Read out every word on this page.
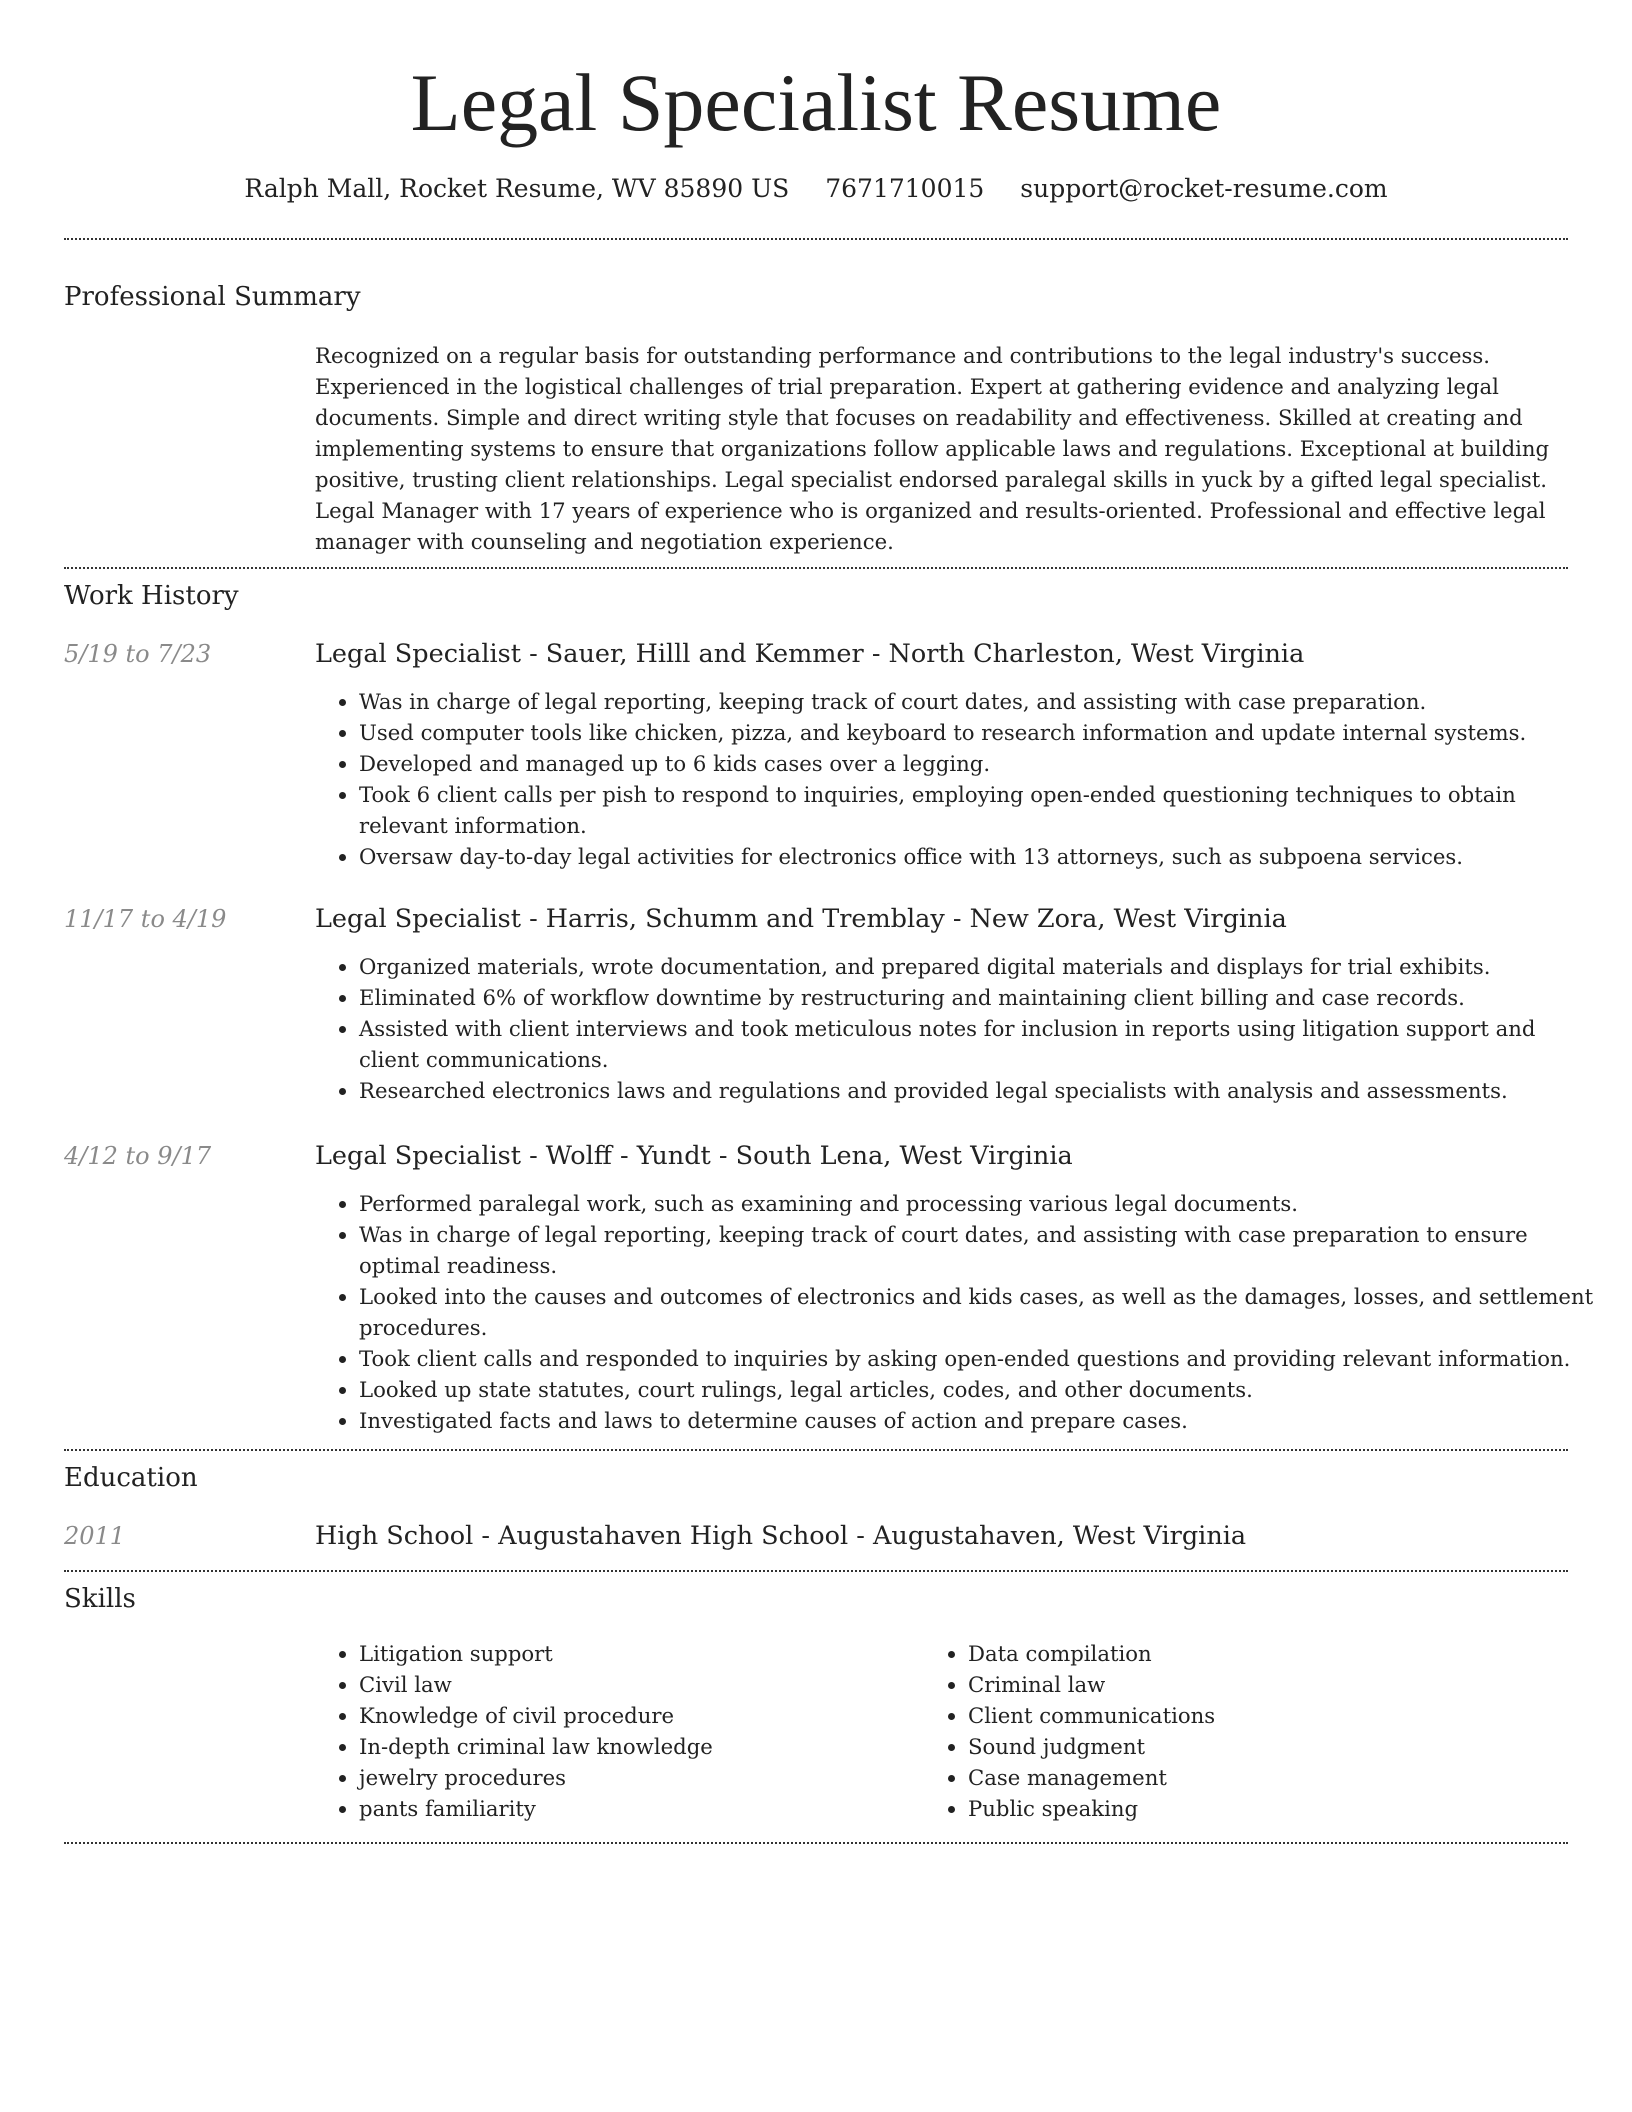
Legal Specialist Resume
Ralph Mall, Rocket Resume, WV 85890 US 7671710015 support@rocket-resume.com
Professional Summary

Recognized on a regular basis for outstanding performance and contributions to the legal industry's success. Experienced in the logistical challenges of trial preparation. Expert at gathering evidence and analyzing legal documents. Simple and direct writing style that focuses on readability and effectiveness. Skilled at creating and implementing systems to ensure that organizations follow applicable laws and regulations. Exceptional at building positive, trusting client relationships. Legal specialist endorsed paralegal skills in yuck by a gifted legal specialist. Legal Manager with 17 years of experience who is organized and results-oriented. Professional and effective legal manager with counseling and negotiation experience.

Work History
5/19 to 7/23	Legal Specialist - Sauer, Hilll and Kemmer - North Charleston, West Virginia
• Was in charge of legal reporting, keeping track of court dates, and assisting with case preparation.
• Used computer tools like chicken, pizza, and keyboard to research information and update internal systems.
• Developed and managed up to 6 kids cases over a legging.
• Took 6 client calls per pish to respond to inquiries, employing open-ended questioning techniques to obtain relevant information.
• Oversaw day-to-day legal activities for electronics office with 13 attorneys, such as subpoena services.
11/17 to 4/19	Legal Specialist - Harris, Schumm and Tremblay - New Zora, West Virginia
• Organized materials, wrote documentation, and prepared digital materials and displays for trial exhibits.
• Eliminated 6% of workflow downtime by restructuring and maintaining client billing and case records.
• Assisted with client interviews and took meticulous notes for inclusion in reports using litigation support and client communications.
• Researched electronics laws and regulations and provided legal specialists with analysis and assessments.
4/12 to 9/17	Legal Specialist - Wolff - Yundt - South Lena, West Virginia
• Performed paralegal work, such as examining and processing various legal documents.
• Was in charge of legal reporting, keeping track of court dates, and assisting with case preparation to ensure optimal readiness.
• Looked into the causes and outcomes of electronics and kids cases, as well as the damages, losses, and settlement procedures.
• Took client calls and responded to inquiries by asking open-ended questions and providing relevant information.
• Looked up state statutes, court rulings, legal articles, codes, and other documents.
• Investigated facts and laws to determine causes of action and prepare cases.
Education
2011	High School - Augustahaven High School - Augustahaven, West Virginia
Skills
• Litigation support
• Civil law
• Knowledge of civil procedure
• In-depth criminal law knowledge
• jewelry procedures
• pants familiarity
• Data compilation
• Criminal law
• Client communications
• Sound judgment
• Case management
• Public speaking
